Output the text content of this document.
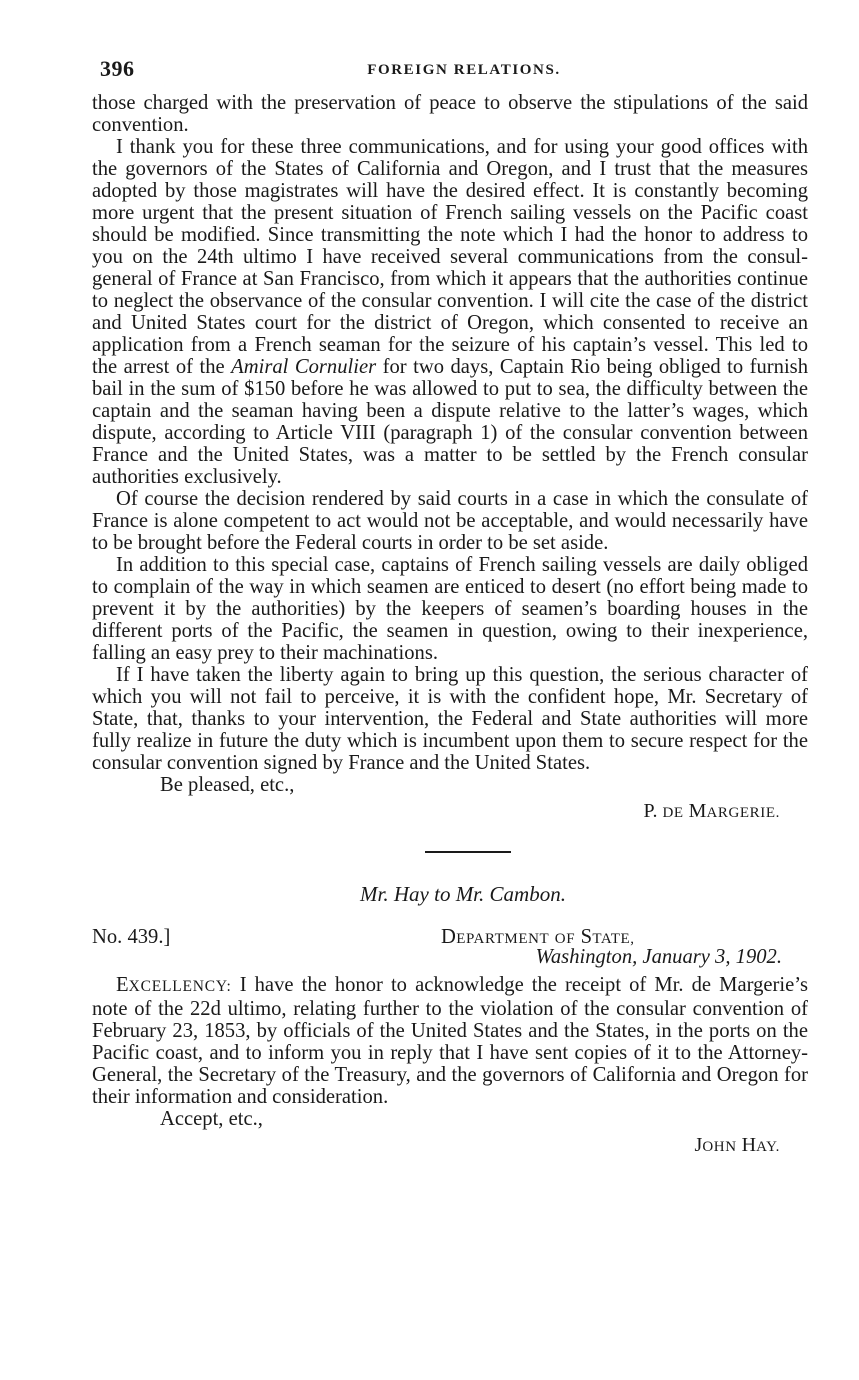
396	FOREIGN RELATIONS.

those charged with the preservation of peace to observe the stipulations of the said convention.

I thank you for these three communications, and for using your good offices with the governors of the States of California and Oregon, and I trust that the measures adopted by those magistrates will have the desired effect. It is constantly becoming more urgent that the present situation of French sailing vessels on the Pacific coast should be modified. Since transmitting the note which I had the honor to address to you on the 24th ultimo I have received several communications from the consul-general of France at San Francisco, from which it appears that the authorities continue to neglect the observance of the consular convention. I will cite the case of the district and United States court for the district of Oregon, which consented to receive an application from a French seaman for the seizure of his captain’s vessel. This led to the arrest of the Amiral Cornulier for two days, Captain Rio being obliged to furnish bail in the sum of $150 before he was allowed to put to sea, the difficulty between the captain and the seaman having been a dispute relative to the latter’s wages, which dispute, according to Article VIII (paragraph 1) of the consular convention between France and the United States, was a matter to be settled by the French consular authorities exclusively.

Of course the decision rendered by said courts in a case in which the consulate of France is alone competent to act would not be acceptable, and would necessarily have to be brought before the Federal courts in order to be set aside.

In addition to this special case, captains of French sailing vessels are daily obliged to complain of the way in which seamen are enticed to desert (no effort being made to prevent it by the authorities) by the keepers of seamen’s boarding houses in the different ports of the Pacific, the seamen in question, owing to their inexperience, falling an easy prey to their machinations.

If I have taken the liberty again to bring up this question, the serious character of which you will not fail to perceive, it is with the confident hope, Mr. Secretary of State, that, thanks to your intervention, the Federal and State authorities will more fully realize in future the duty which is incumbent upon them to secure respect for the consular convention signed by France and the United States.

Be pleased, etc.,

P. DE MARGERIE.
Mr. Hay to Mr. Cambon.
No. 439.]	DEPARTMENT OF STATE,
Washington, January 3, 1902.

EXCELLENCY: I have the honor to acknowledge the receipt of Mr. de Margerie’s note of the 22d ultimo, relating further to the violation of the consular convention of February 23, 1853, by officials of the United States and the States, in the ports on the Pacific coast, and to inform you in reply that I have sent copies of it to the Attorney-General, the Secretary of the Treasury, and the governors of California and Oregon for their information and consideration.

Accept, etc.,

JOHN HAY.
